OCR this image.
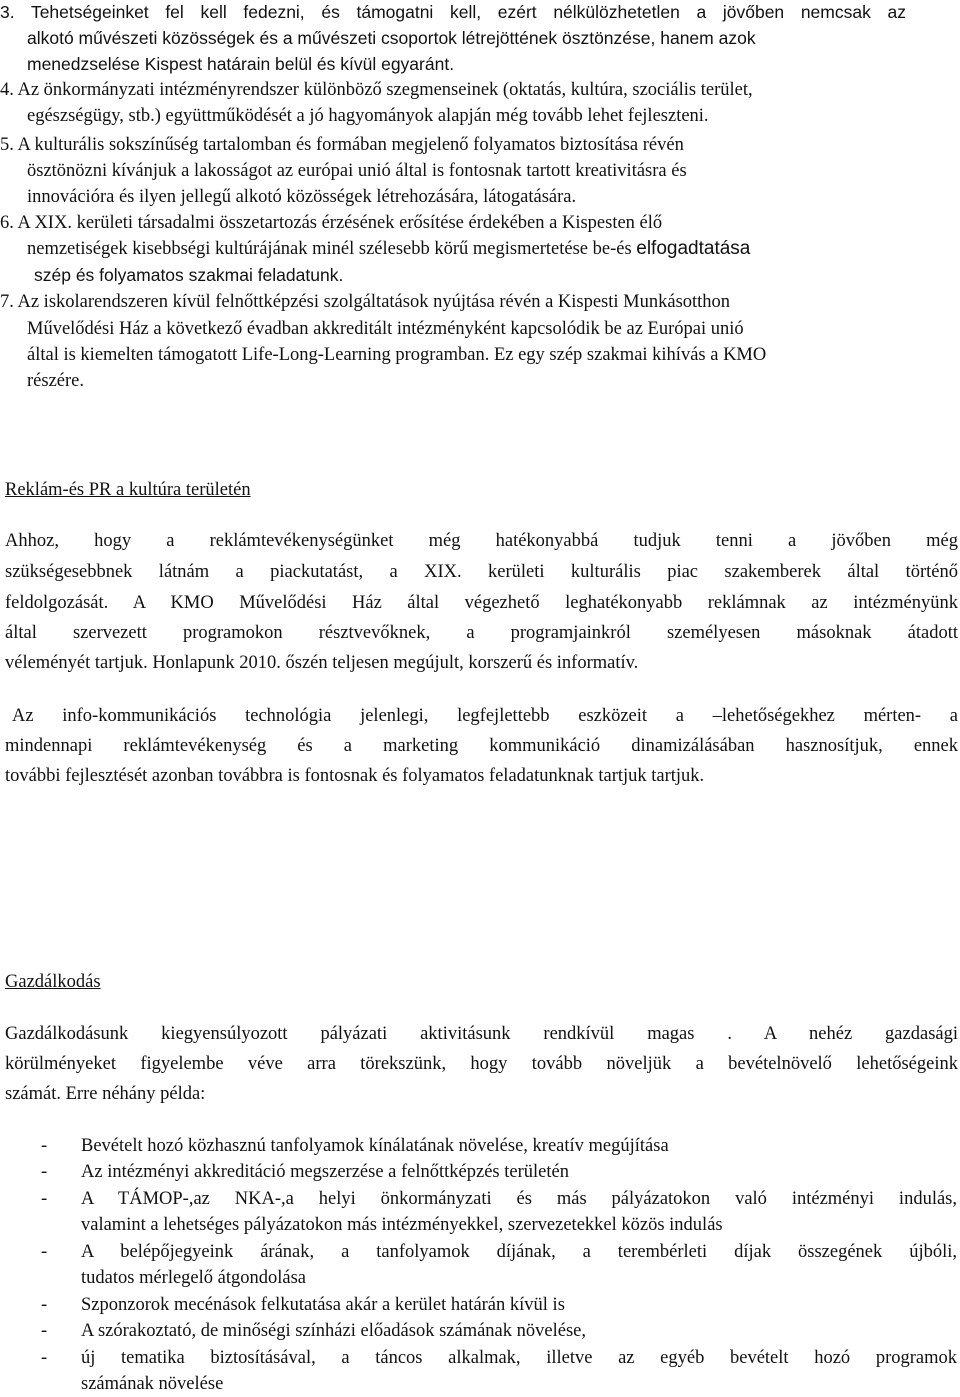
3. Tehetségeinket fel kell fedezni, és támogatni kell, ezért nélkülözhetetlen a jövőben nemcsak az
alkotó művészeti közösségek és a művészeti csoportok létrejöttének ösztönzése, hanem azok
menedzselése Kispest határain belül és kívül egyaránt.
4. Az önkormányzati intézményrendszer különböző szegmenseinek (oktatás, kultúra, szociális terület,
egészségügy, stb.) együttműködését a jó hagyományok alapján még tovább lehet fejleszteni.
5. A kulturális sokszínűség tartalomban és formában megjelenő folyamatos biztosítása révén
ösztönözni kívánjuk a lakosságot az európai unió által is fontosnak tartott kreativitásra és
innovációra és ilyen jellegű alkotó közösségek létrehozására, látogatására.
6. A XIX. kerületi társadalmi összetartozás érzésének erősítése érdekében a Kispesten élő
nemzetiségek kisebbségi kultúrájának minél szélesebb körű megismertetése be-és elfogadtatása
szép és folyamatos szakmai feladatunk.
7. Az iskolarendszeren kívül felnőttképzési szolgáltatások nyújtása révén a Kispesti Munkásotthon
Művelődési Ház a következő évadban akkreditált intézményként kapcsolódik be az Európai unió
által is kiemelten támogatott Life-Long-Learning programban. Ez egy szép szakmai kihívás a KMO
részére.
Reklám-és PR a kultúra területén
Ahhoz, hogy a reklámtevékenységünket még hatékonyabbá tudjuk tenni a jövőben még
szükségesebbnek látnám a piackutatást, a XIX. kerületi kulturális piac szakemberek által történő
feldolgozását. A KMO Művelődési Ház által végezhető leghatékonyabb reklámnak az intézményünk
által szervezett programokon résztvevőknek, a programjainkról személyesen másoknak átadott
véleményét tartjuk. Honlapunk 2010. őszén teljesen megújult, korszerű és informatív.
Az info-kommunikációs technológia jelenlegi, legfejlettebb eszközeit a –lehetőségekhez mérten- a
mindennapi reklámtevékenység és a marketing kommunikáció dinamizálásában hasznosítjuk, ennek
további fejlesztését azonban továbbra is fontosnak és folyamatos feladatunknak tartjuk tartjuk.
Gazdálkodás
Gazdálkodásunk kiegyensúlyozott pályázati aktivitásunk rendkívül magas . A nehéz gazdasági
körülményeket figyelembe véve arra törekszünk, hogy tovább növeljük a bevételnövelő lehetőségeink
számát. Erre néhány példa:
- Bevételt hozó közhasznú tanfolyamok kínálatának növelése, kreatív megújítása
- Az intézményi akkreditáció megszerzése a felnőttképzés területén
- A TÁMOP-,az NKA-,a helyi önkormányzati és más pályázatokon való intézményi indulás,
valamint a lehetséges pályázatokon más intézményekkel, szervezetekkel közös indulás
- A belépőjegyeink árának, a tanfolyamok díjának, a terembérleti díjak összegének újbóli,
tudatos mérlegelő átgondolása
- Szponzorok mecénások felkutatása akár a kerület határán kívül is
- A szórakoztató, de minőségi színházi előadások számának növelése,
- új tematika biztosításával, a táncos alkalmak, illetve az egyéb bevételt hozó programok
számának növelése
